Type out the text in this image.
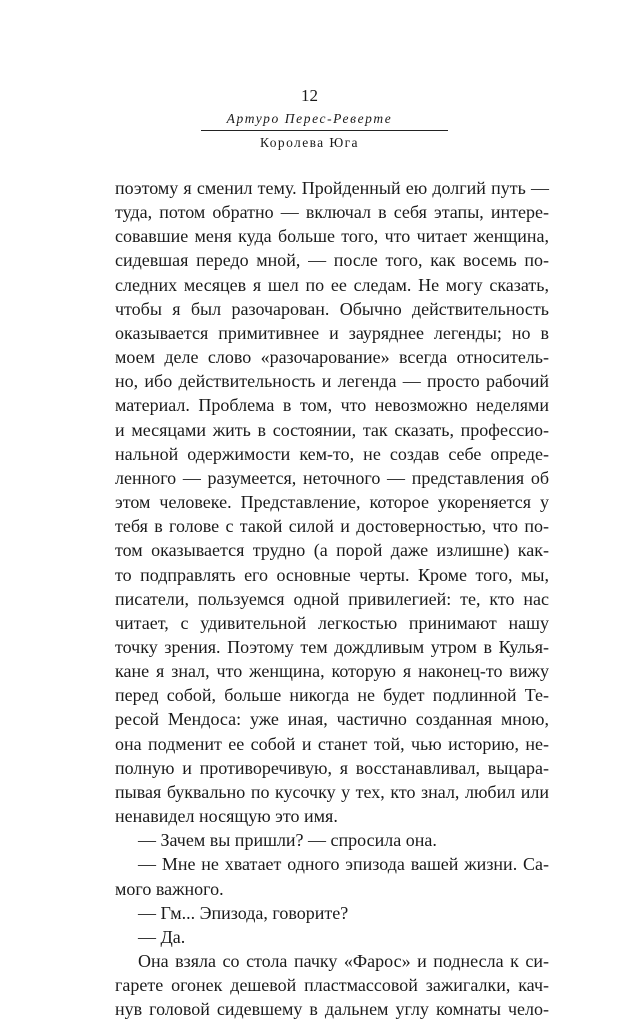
12
Артуро Перес-Реверте
Королева Юга
поэтому я сменил тему. Пройденный ею долгий путь —
туда, потом обратно — включал в себя этапы, интере-
совавшие меня куда больше того, что читает женщина,
сидевшая передо мной, — после того, как восемь по-
следних месяцев я шел по ее следам. Не могу сказать,
чтобы я был разочарован. Обычно действительность
оказывается примитивнее и зауряднее легенды; но в
моем деле слово «разочарование» всегда относитель-
но, ибо действительность и легенда — просто рабочий
материал. Проблема в том, что невозможно неделями
и месяцами жить в состоянии, так сказать, профессио-
нальной одержимости кем-то, не создав себе опреде-
ленного — разумеется, неточного — представления об
этом человеке. Представление, которое укореняется у
тебя в голове с такой силой и достоверностью, что по-
том оказывается трудно (а порой даже излишне) как-
то подправлять его основные черты. Кроме того, мы,
писатели, пользуемся одной привилегией: те, кто нас
читает, с удивительной легкостью принимают нашу
точку зрения. Поэтому тем дождливым утром в Кулья-
кане я знал, что женщина, которую я наконец-то вижу
перед собой, больше никогда не будет подлинной Те-
ресой Мендоса: уже иная, частично созданная мною,
она подменит ее собой и станет той, чью историю, не-
полную и противоречивую, я восстанавливал, выцара-
пывая буквально по кусочку у тех, кто знал, любил или
ненавидел носящую это имя.
— Зачем вы пришли? — спросила она.
— Мне не хватает одного эпизода вашей жизни. Са-
мого важного.
— Гм... Эпизода, говорите?
— Да.
Она взяла со стола пачку «Фарос» и поднесла к си-
гарете огонек дешевой пластмассовой зажигалки, кач-
нув головой сидевшему в дальнем углу комнаты чело-
